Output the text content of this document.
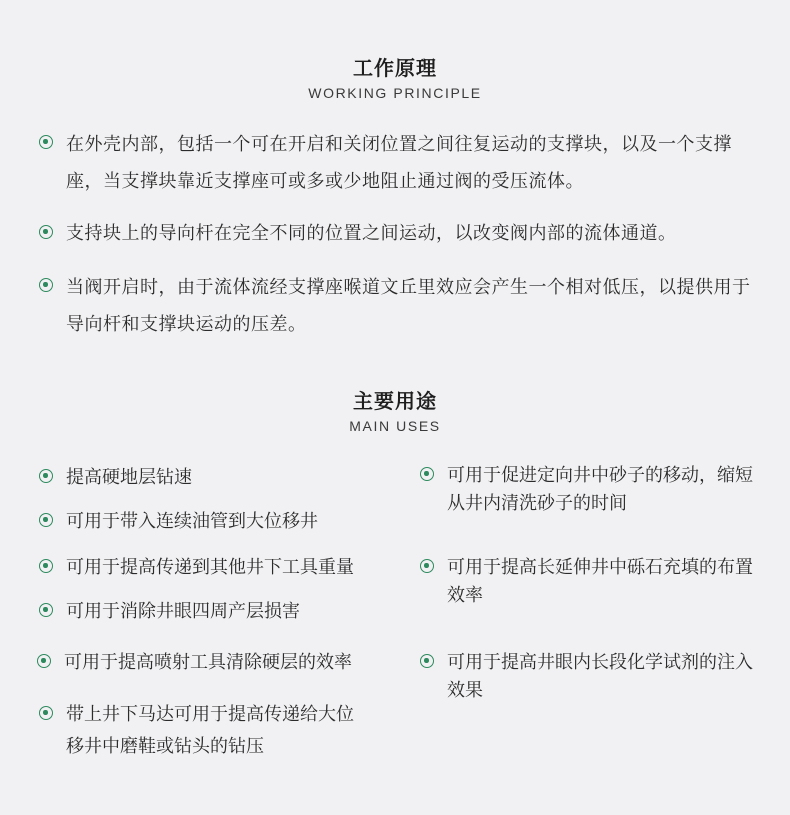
工作原理
WORKING PRINCIPLE
在外壳内部，包括一个可在开启和关闭位置之间往复运动的支撑块，以及一个支撑座，当支撑块靠近支撑座可或多或少地阻止通过阀的受压流体。
支持块上的导向杆在完全不同的位置之间运动，以改变阀内部的流体通道。
当阀开启时，由于流体流经支撑座喉道文丘里效应会产生一个相对低压，以提供用于导向杆和支撑块运动的压差。
主要用途
MAIN USES
提高硬地层钻速
可用于带入连续油管到大位移井
可用于提高传递到其他井下工具重量
可用于消除井眼四周产层损害
可用于提高喷射工具清除硬层的效率
带上井下马达可用于提高传递给大位移井中磨鞋或钻头的钻压
可用于促进定向井中砂子的移动，缩短从井内清洗砂子的时间
可用于提高长延伸井中砾石充填的布置效率
可用于提高井眼内长段化学试剂的注入效果
